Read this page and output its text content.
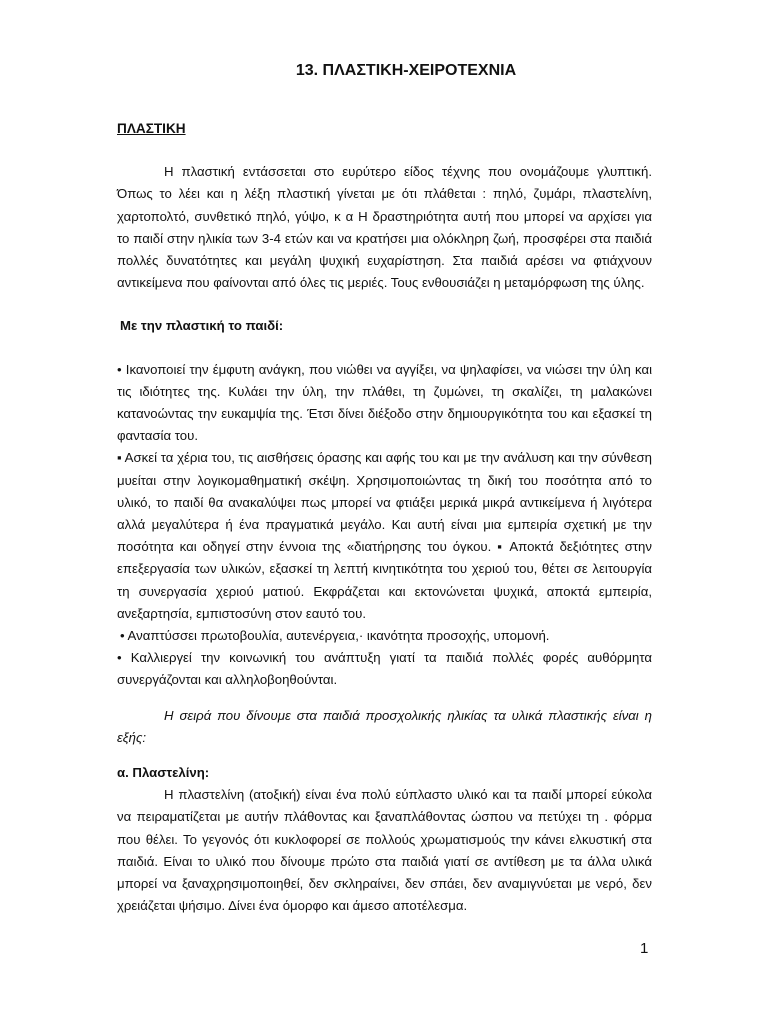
13. ΠΛΑΣΤΙΚΗ-ΧΕΙΡΟΤΕΧΝΙΑ

ΠΛΑΣΤΙΚΗ

Η πλαστική εντάσσεται στο ευρύτερο είδος τέχνης που ονομάζουμε γλυπτική. Όπως το λέει και η λέξη πλαστική γίνεται με ότι πλάθεται : πηλό, ζυμάρι, πλαστελίνη, χαρτοπολτό, συνθετικό πηλό, γύψο, κ α Η δραστηριότητα αυτή που μπορεί να αρχίσει για το παιδί στην ηλικία των 3-4 ετών και να κρατήσει μια ολόκληρη ζωή, προσφέρει στα παιδιά πολλές δυνατότητες και μεγάλη ψυχική ευχαρίστηση. Στα παιδιά αρέσει να φτιάχνουν αντικείμενα που φαίνονται από όλες τις μεριές. Τους ενθουσιάζει η μεταμόρφωση της ύλης.

Με την πλαστική το παιδί:

• Ικανοποιεί την έμφυτη ανάγκη, που νιώθει να αγγίξει, να ψηλαφίσει, να νιώσει την ύλη και τις ιδιότητες της. Κυλάει την ύλη, την πλάθει, τη ζυμώνει, τη σκαλίζει, τη μαλακώνει κατανοώντας την ευκαμψία της. Έτσι δίνει διέξοδο στην δημιουργικότητα του και εξασκεί τη φαντασία του.

▪ Ασκεί τα χέρια του, τις αισθήσεις όρασης και αφής του και με την ανάλυση και την σύνθεση μυείται στην λογικομαθηματική σκέψη. Χρησιμοποιώντας τη δική του ποσότητα από το υλικό, το παιδί θα ανακαλύψει πως μπορεί να φτιάξει μερικά μικρά αντικείμενα ή λιγότερα αλλά μεγαλύτερα ή ένα πραγματικά μεγάλο. Και αυτή είναι μια εμπειρία σχετική με την ποσότητα και οδηγεί στην έννοια της «διατήρησης του όγκου. ▪ Αποκτά δεξιότητες στην επεξεργασία των υλικών, εξασκεί τη λεπτή κινητικότητα του χεριού του, θέτει σε λειτουργία τη συνεργασία χεριού ματιού. Εκφράζεται και εκτονώνεται ψυχικά, αποκτά εμπειρία, ανεξαρτησία, εμπιστοσύνη στον εαυτό του.

• Αναπτύσσει πρωτοβουλία, αυτενέργεια,· ικανότητα προσοχής, υπομονή.

• Καλλιεργεί την κοινωνική του ανάπτυξη γιατί τα παιδιά πολλές φορές αυθόρμητα συνεργάζονται και αλληλοβοηθούνται.

Η σειρά που δίνουμε στα παιδιά προσχολικής ηλικίας τα υλικά πλαστικής είναι η εξής:

α. Πλαστελίνη:

Η πλαστελίνη (ατοξική) είναι ένα πολύ εύπλαστο υλικό και τα παιδί μπορεί εύκολα να πειραματίζεται με αυτήν πλάθοντας και ξαναπλάθοντας ώσπου να πετύχει τη . φόρμα που θέλει. Το γεγονός ότι κυκλοφορεί σε πολλούς χρωματισμούς την κάνει ελκυστική στα παιδιά. Είναι το υλικό που δίνουμε πρώτο στα παιδιά γιατί σε αντίθεση με τα άλλα υλικά μπορεί να ξαναχρησιμοποιηθεί, δεν σκληραίνει, δεν σπάει, δεν αναμιγνύεται με νερό, δεν χρειάζεται ψήσιμο. Δίνει ένα όμορφο και άμεσο αποτέλεσμα.

1
